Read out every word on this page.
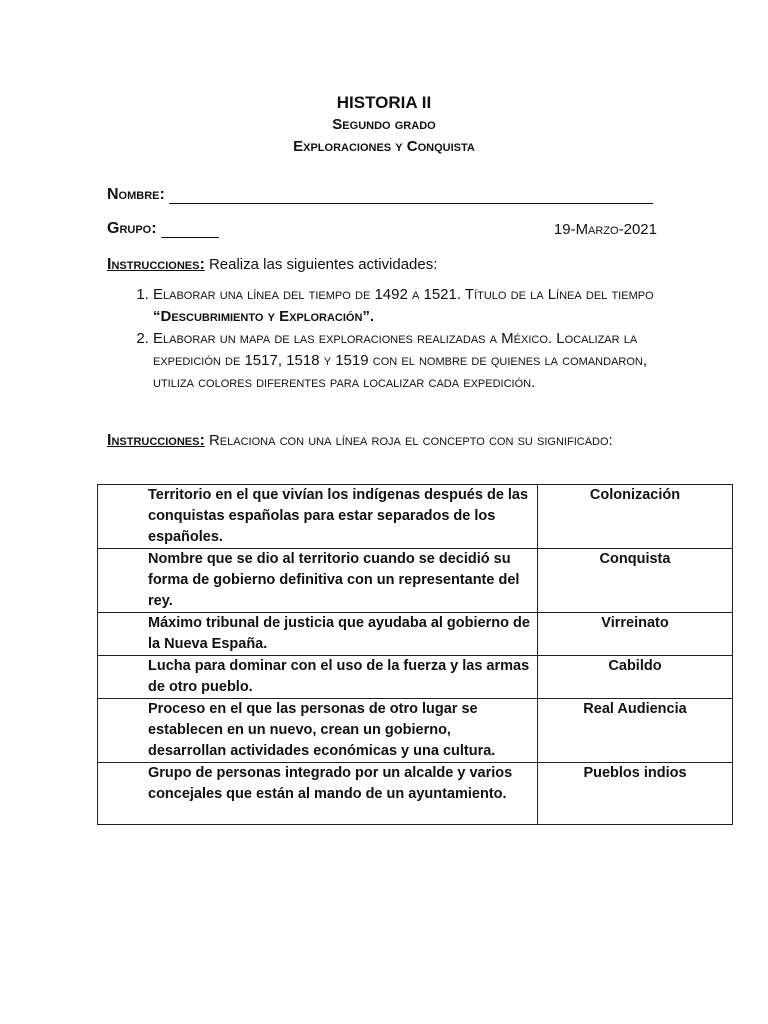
HISTORIA II
Segundo grado
Exploraciones y Conquista
Nombre:
Grupo:	19-Marzo-2021
Instrucciones: Realiza las siguientes actividades:
1. Elaborar una línea del tiempo de 1492 a 1521. Título de la Línea del tiempo “Descubrimiento y Exploración”.
2. Elaborar un mapa de las exploraciones realizadas a México. Localizar la expedición de 1517, 1518 y 1519 con el nombre de quienes la comandaron, utiliza colores diferentes para localizar cada expedición.
Instrucciones: Relaciona con una línea roja el concepto con su significado:
Territorio en el que vivían los indígenas después de las conquistas españolas para estar separados de los españoles.	Colonización
Nombre que se dio al territorio cuando se decidió su forma de gobierno definitiva con un representante del rey.	Conquista
Máximo tribunal de justicia que ayudaba al gobierno de la Nueva España.	Virreinato
Lucha para dominar con el uso de la fuerza y las armas de otro pueblo.	Cabildo
Proceso en el que las personas de otro lugar se establecen en un nuevo, crean un gobierno, desarrollan actividades económicas y una cultura.	Real Audiencia
Grupo de personas integrado por un alcalde y varios concejales que están al mando de un ayuntamiento.	Pueblos indios
